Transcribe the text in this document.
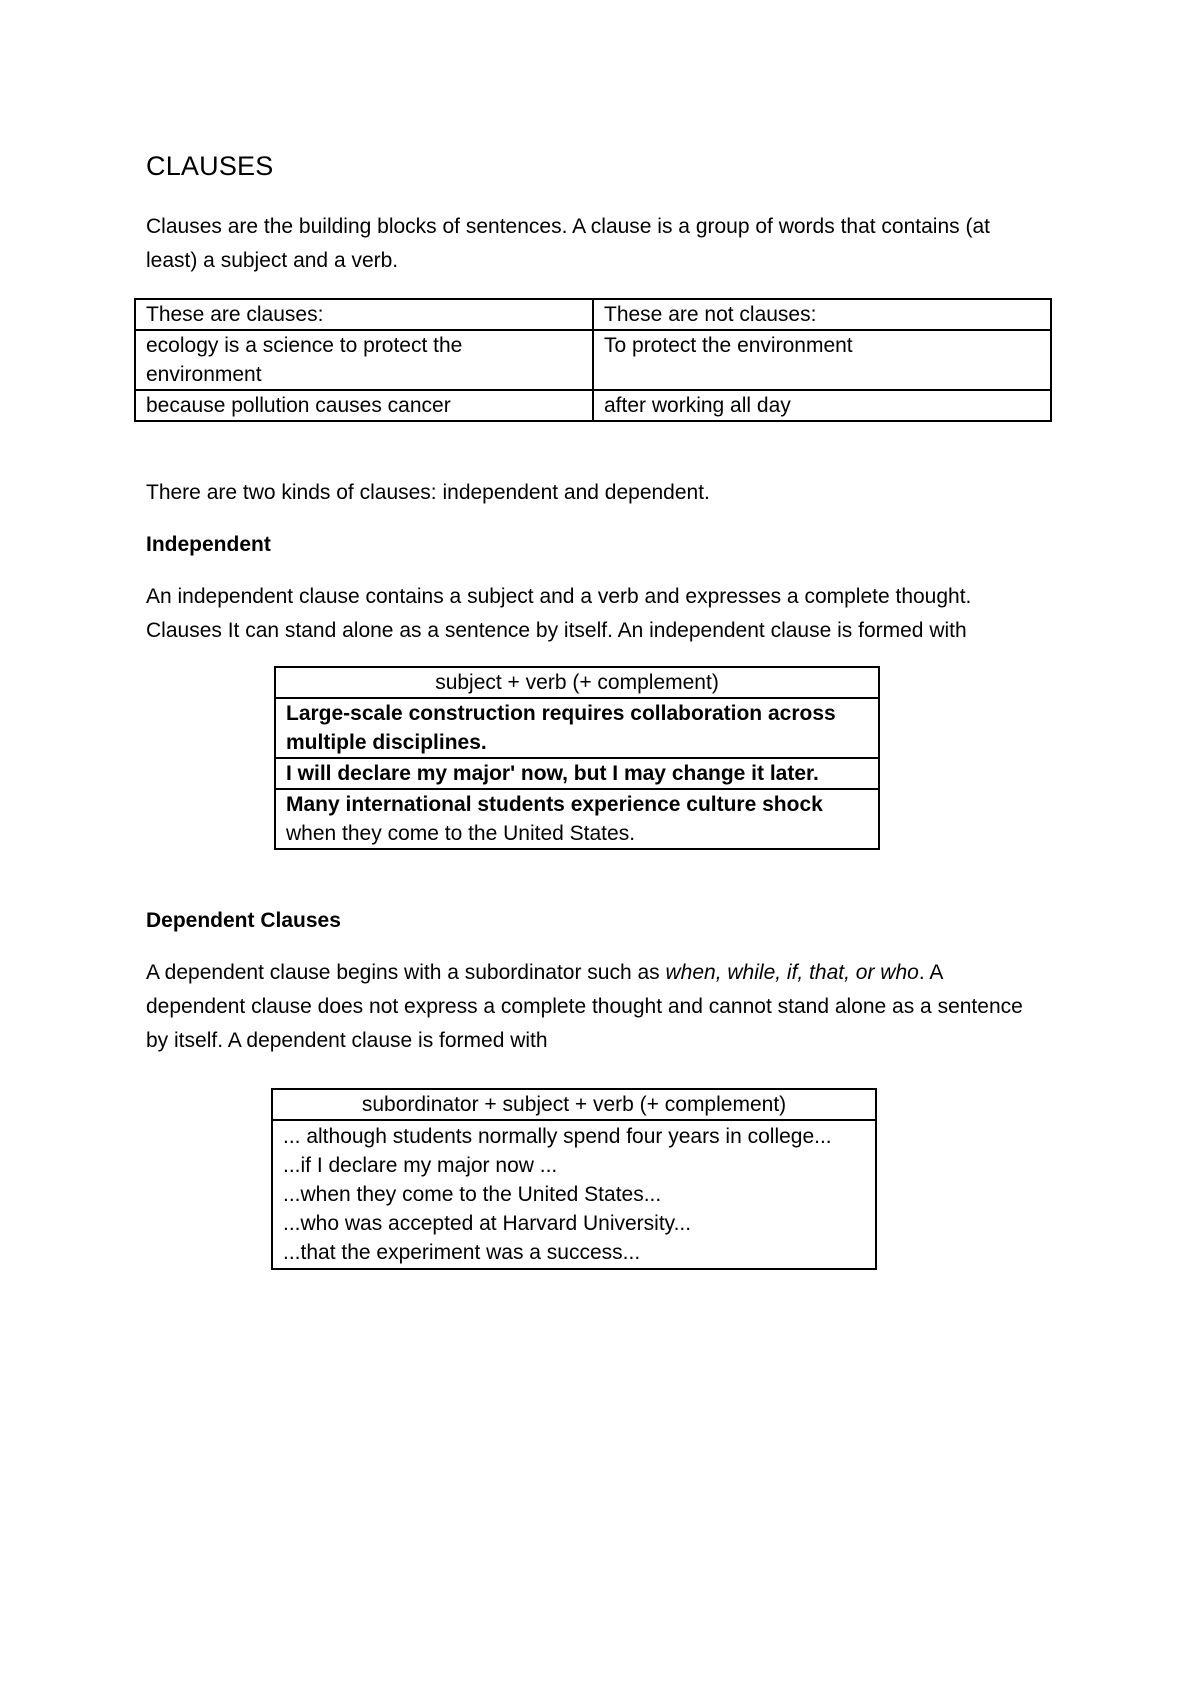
CLAUSES

Clauses are the building blocks of sentences. A clause is a group of words that contains (at least) a subject and a verb.

These are clauses:	These are not clauses:
ecology is a science to protect the environment	To protect the environment
because pollution causes cancer	after working all day

There are two kinds of clauses: independent and dependent.

Independent

An independent clause contains a subject and a verb and expresses a complete thought. Clauses It can stand alone as a sentence by itself. An independent clause is formed with

subject + verb (+ complement)
Large-scale construction requires collaboration across multiple disciplines.
I will declare my major' now, but I may change it later.
Many international students experience culture shock
when they come to the United States.
Dependent Clauses

A dependent clause begins with a subordinator such as when, while, if, that, or who. A dependent clause does not express a complete thought and cannot stand alone as a sentence by itself. A dependent clause is formed with

subordinator + subject + verb (+ complement)

... although students normally spend four years in college...
...if I declare my major now ...
...when they come to the United States...
...who was accepted at Harvard University...
...that the experiment was a success...
